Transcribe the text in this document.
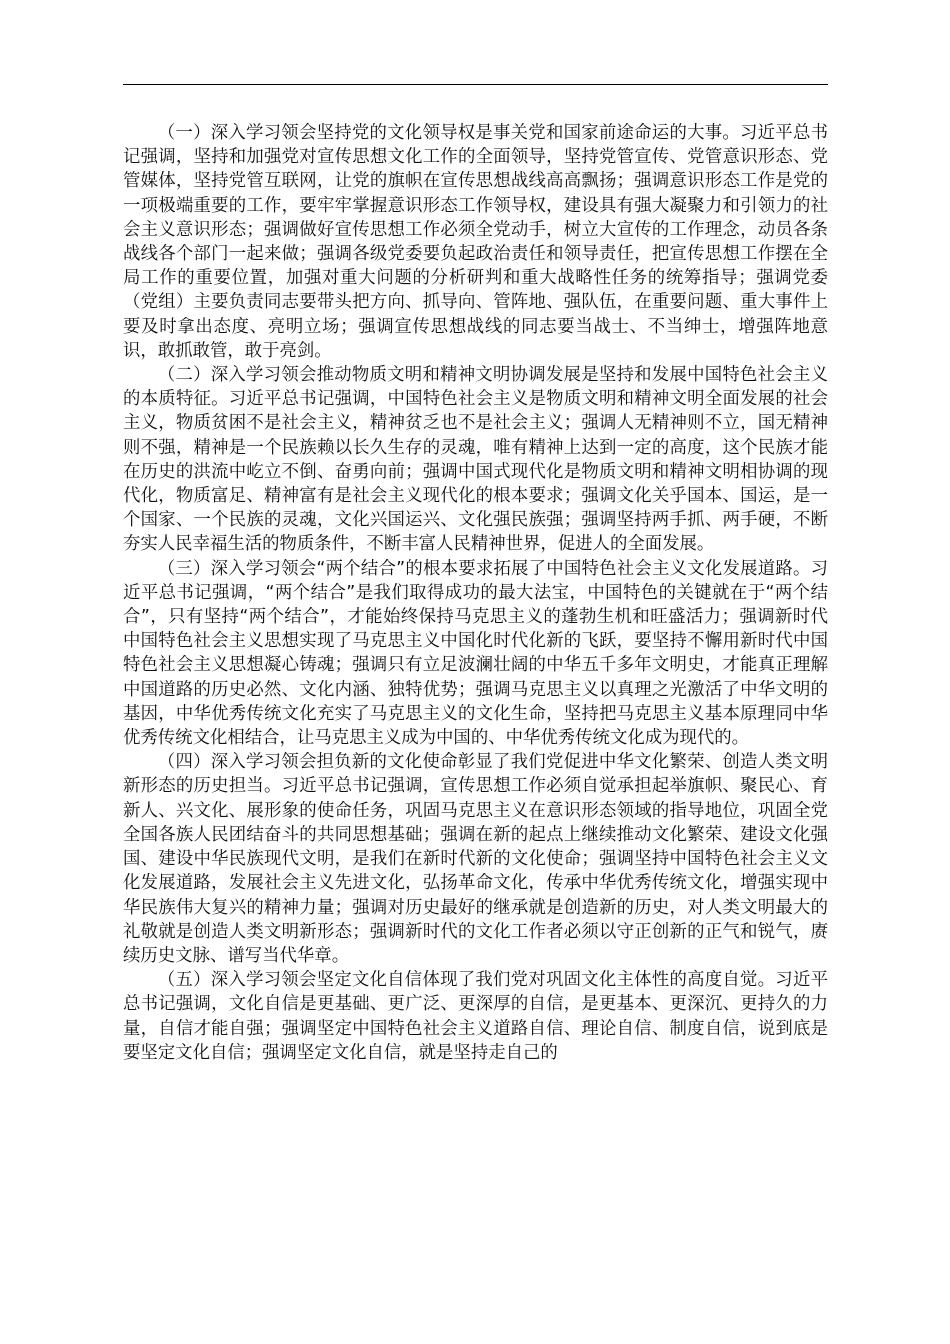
（一）深入学习领会坚持党的文化领导权是事关党和国家前途命运的大事。习近平总书记强调，坚持和加强党对宣传思想文化工作的全面领导，坚持党管宣传、党管意识形态、党管媒体，坚持党管互联网，让党的旗帜在宣传思想战线高高飘扬；强调意识形态工作是党的一项极端重要的工作，要牢牢掌握意识形态工作领导权，建设具有强大凝聚力和引领力的社会主义意识形态；强调做好宣传思想工作必须全党动手，树立大宣传的工作理念，动员各条战线各个部门一起来做；强调各级党委要负起政治责任和领导责任，把宣传思想工作摆在全局工作的重要位置，加强对重大问题的分析研判和重大战略性任务的统筹指导；强调党委（党组）主要负责同志要带头把方向、抓导向、管阵地、强队伍，在重要问题、重大事件上要及时拿出态度、亮明立场；强调宣传思想战线的同志要当战士、不当绅士，增强阵地意识，敢抓敢管，敢于亮剑。

（二）深入学习领会推动物质文明和精神文明协调发展是坚持和发展中国特色社会主义的本质特征。习近平总书记强调，中国特色社会主义是物质文明和精神文明全面发展的社会主义，物质贫困不是社会主义，精神贫乏也不是社会主义；强调人无精神则不立，国无精神则不强，精神是一个民族赖以长久生存的灵魂，唯有精神上达到一定的高度，这个民族才能在历史的洪流中屹立不倒、奋勇向前；强调中国式现代化是物质文明和精神文明相协调的现代化，物质富足、精神富有是社会主义现代化的根本要求；强调文化关乎国本、国运，是一个国家、一个民族的灵魂，文化兴国运兴、文化强民族强；强调坚持两手抓、两手硬，不断夯实人民幸福生活的物质条件，不断丰富人民精神世界，促进人的全面发展。

（三）深入学习领会“两个结合”的根本要求拓展了中国特色社会主义文化发展道路。习近平总书记强调，“两个结合”是我们取得成功的最大法宝，中国特色的关键就在于“两个结合”，只有坚持“两个结合”，才能始终保持马克思主义的蓬勃生机和旺盛活力；强调新时代中国特色社会主义思想实现了马克思主义中国化时代化新的飞跃，要坚持不懈用新时代中国特色社会主义思想凝心铸魂；强调只有立足波澜壮阔的中华五千多年文明史，才能真正理解中国道路的历史必然、文化内涵、独特优势；强调马克思主义以真理之光激活了中华文明的基因，中华优秀传统文化充实了马克思主义的文化生命，坚持把马克思主义基本原理同中华优秀传统文化相结合，让马克思主义成为中国的、中华优秀传统文化成为现代的。

（四）深入学习领会担负新的文化使命彰显了我们党促进中华文化繁荣、创造人类文明新形态的历史担当。习近平总书记强调，宣传思想工作必须自觉承担起举旗帜、聚民心、育新人、兴文化、展形象的使命任务，巩固马克思主义在意识形态领域的指导地位，巩固全党全国各族人民团结奋斗的共同思想基础；强调在新的起点上继续推动文化繁荣、建设文化强国、建设中华民族现代文明，是我们在新时代新的文化使命；强调坚持中国特色社会主义文化发展道路，发展社会主义先进文化，弘扬革命文化，传承中华优秀传统文化，增强实现中华民族伟大复兴的精神力量；强调对历史最好的继承就是创造新的历史，对人类文明最大的礼敬就是创造人类文明新形态；强调新时代的文化工作者必须以守正创新的正气和锐气，赓续历史文脉、谱写当代华章。

（五）深入学习领会坚定文化自信体现了我们党对巩固文化主体性的高度自觉。习近平总书记强调，文化自信是更基础、更广泛、更深厚的自信，是更基本、更深沉、更持久的力量，自信才能自强；强调坚定中国特色社会主义道路自信、理论自信、制度自信，说到底是要坚定文化自信；强调坚定文化自信，就是坚持走自己的
